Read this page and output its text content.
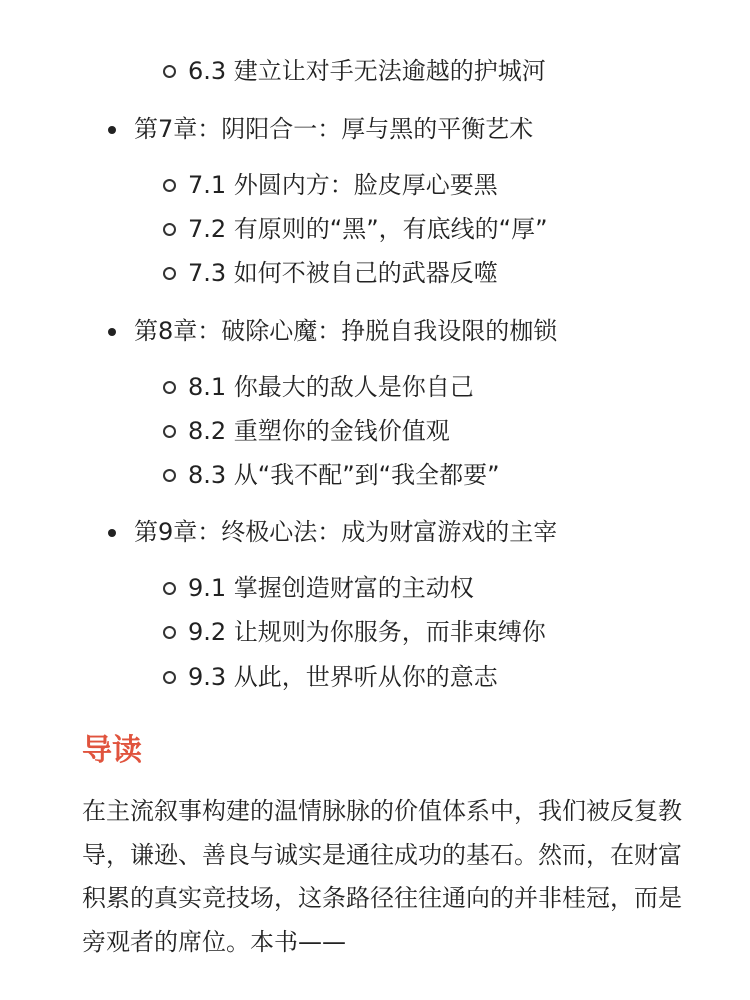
6.3 建立让对手无法逾越的护城河
第7章：阴阳合一：厚与黑的平衡艺术
7.1 外圆内方：脸皮厚心要黑
7.2 有原则的“黑”，有底线的“厚”
7.3 如何不被自己的武器反噬
第8章：破除心魔：挣脱自我设限的枷锁
8.1 你最大的敌人是你自己
8.2 重塑你的金钱价值观
8.3 从“我不配”到“我全都要”
第9章：终极心法：成为财富游戏的主宰
9.1 掌握创造财富的主动权
9.2 让规则为你服务，而非束缚你
9.3 从此，世界听从你的意志
导读

在主流叙事构建的温情脉脉的价值体系中，我们被反复教导，谦逊、善良与诚实是通往成功的基石。然而，在财富积累的真实竞技场，这条路径往往通向的并非桂冠，而是旁观者的席位。本书——
